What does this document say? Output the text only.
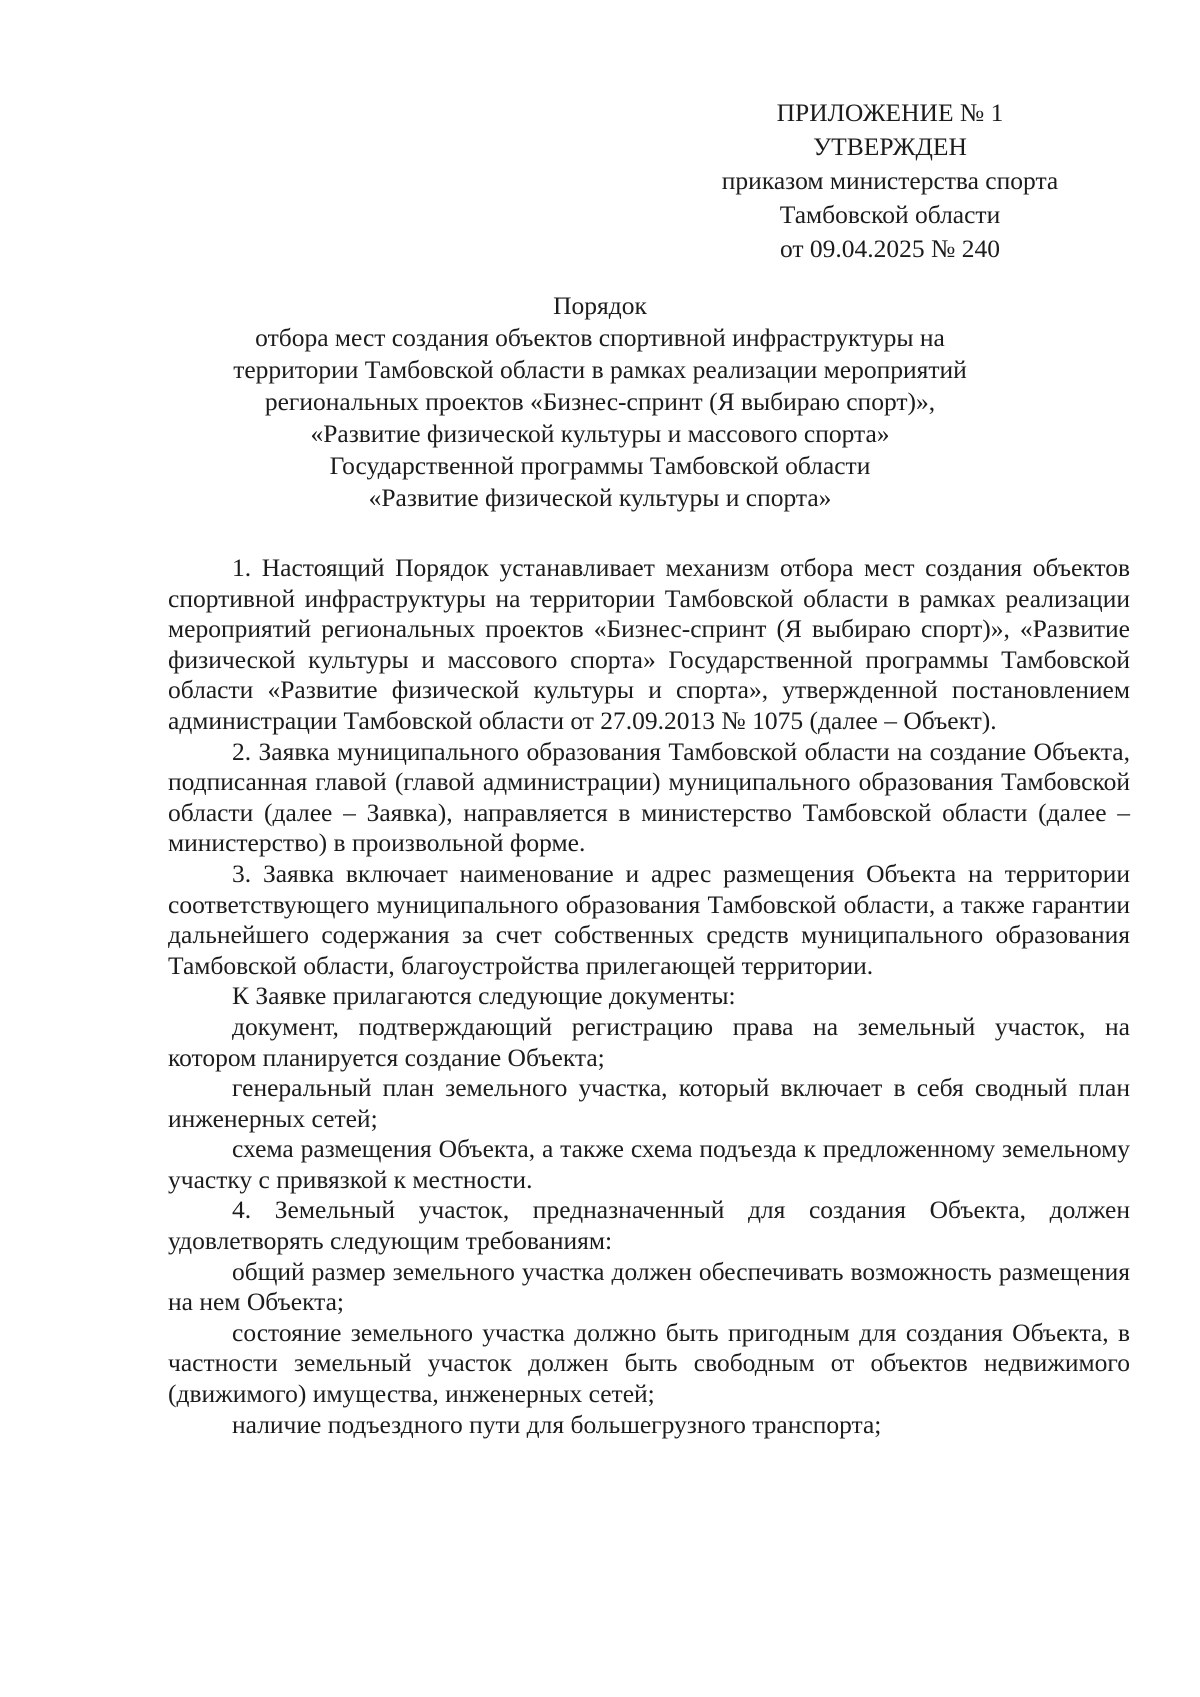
ПРИЛОЖЕНИЕ № 1
УТВЕРЖДЕН
приказом министерства спорта
Тамбовской области
от 09.04.2025 № 240
Порядок
отбора мест создания объектов спортивной инфраструктуры на
территории Тамбовской области в рамках реализации мероприятий
региональных проектов «Бизнес-спринт (Я выбираю спорт)»,
«Развитие физической культуры и массового спорта»
Государственной программы Тамбовской области
«Развитие физической культуры и спорта»

1. Настоящий Порядок устанавливает механизм отбора мест создания объектов спортивной инфраструктуры на территории Тамбовской области в рамках реализации мероприятий региональных проектов «Бизнес-спринт (Я выбираю спорт)», «Развитие физической культуры и массового спорта» Государственной программы Тамбовской области «Развитие физической культуры и спорта», утвержденной постановлением администрации Тамбовской области от 27.09.2013 № 1075 (далее – Объект).

2. Заявка муниципального образования Тамбовской области на создание Объекта, подписанная главой (главой администрации) муниципального образования Тамбовской области (далее – Заявка), направляется в министерство Тамбовской области (далее – министерство) в произвольной форме.

3. Заявка включает наименование и адрес размещения Объекта на территории соответствующего муниципального образования Тамбовской области, а также гарантии дальнейшего содержания за счет собственных средств муниципального образования Тамбовской области, благоустройства прилегающей территории.

К Заявке прилагаются следующие документы:

документ, подтверждающий регистрацию права на земельный участок, на котором планируется создание Объекта;

генеральный план земельного участка, который включает в себя сводный план инженерных сетей;

схема размещения Объекта, а также схема подъезда к предложенному земельному участку с привязкой к местности.

4. Земельный участок, предназначенный для создания Объекта, должен удовлетворять следующим требованиям:

общий размер земельного участка должен обеспечивать возможность размещения на нем Объекта;

состояние земельного участка должно быть пригодным для создания Объекта, в частности земельный участок должен быть свободным от объектов недвижимого (движимого) имущества, инженерных сетей;

наличие подъездного пути для большегрузного транспорта;
